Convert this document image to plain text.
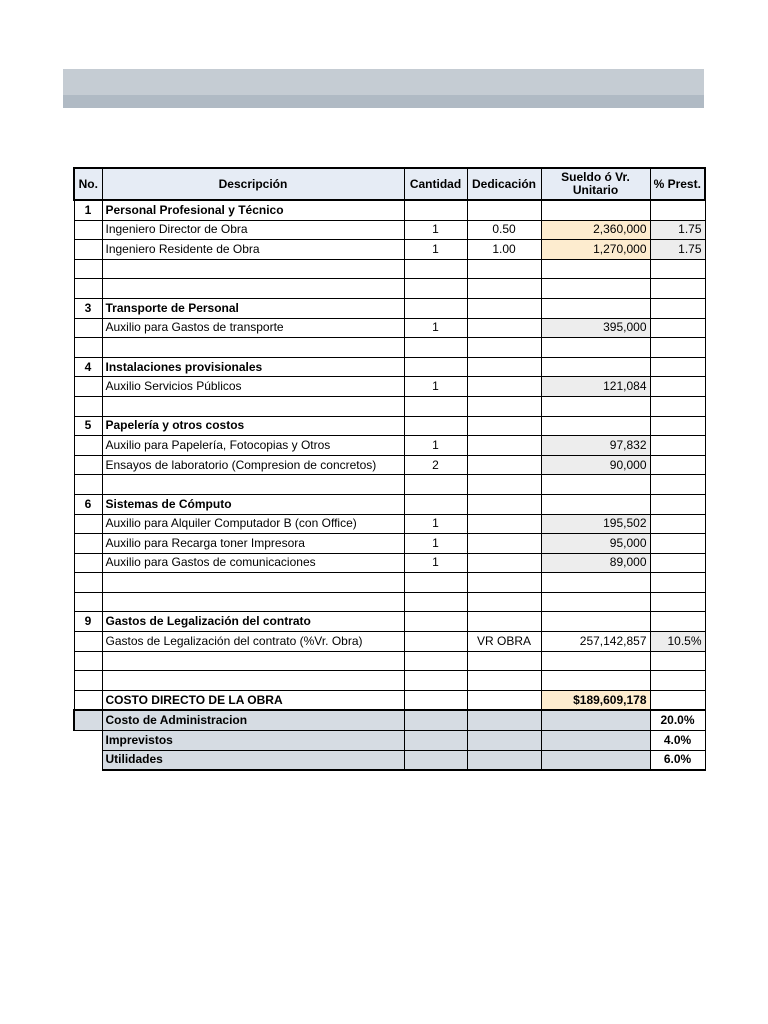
No.	Descripción	Cantidad	Dedicación	Sueldo ó Vr. Unitario	% Prest.
1	Personal Profesional y Técnico				
	Ingeniero Director de Obra	1	0.50	2,360,000	1.75
	Ingeniero Residente de Obra	1	1.00	1,270,000	1.75

3	Transporte de Personal				
	Auxilio para Gastos de transporte	1		395,000	

4	Instalaciones provisionales				
	Auxilio Servicios Públicos	1		121,084	

5	Papelería y otros costos				
	Auxilio para Papelería, Fotocopias y Otros	1		97,832	
	Ensayos de laboratorio (Compresion de concretos)	2		90,000	

6	Sistemas de Cómputo				
	Auxilio para Alquiler Computador B (con Office)	1		195,502	
	Auxilio para Recarga toner Impresora	1		95,000	
	Auxilio para Gastos de comunicaciones	1		89,000	

9	Gastos de Legalización del contrato				
	Gastos de Legalización del contrato (%Vr. Obra)		VR OBRA	257,142,857	10.5%

	COSTO DIRECTO DE LA OBRA			$189,609,178	
	Costo de Administracion				20.0%
	Imprevistos				4.0%
	Utilidades				6.0%
